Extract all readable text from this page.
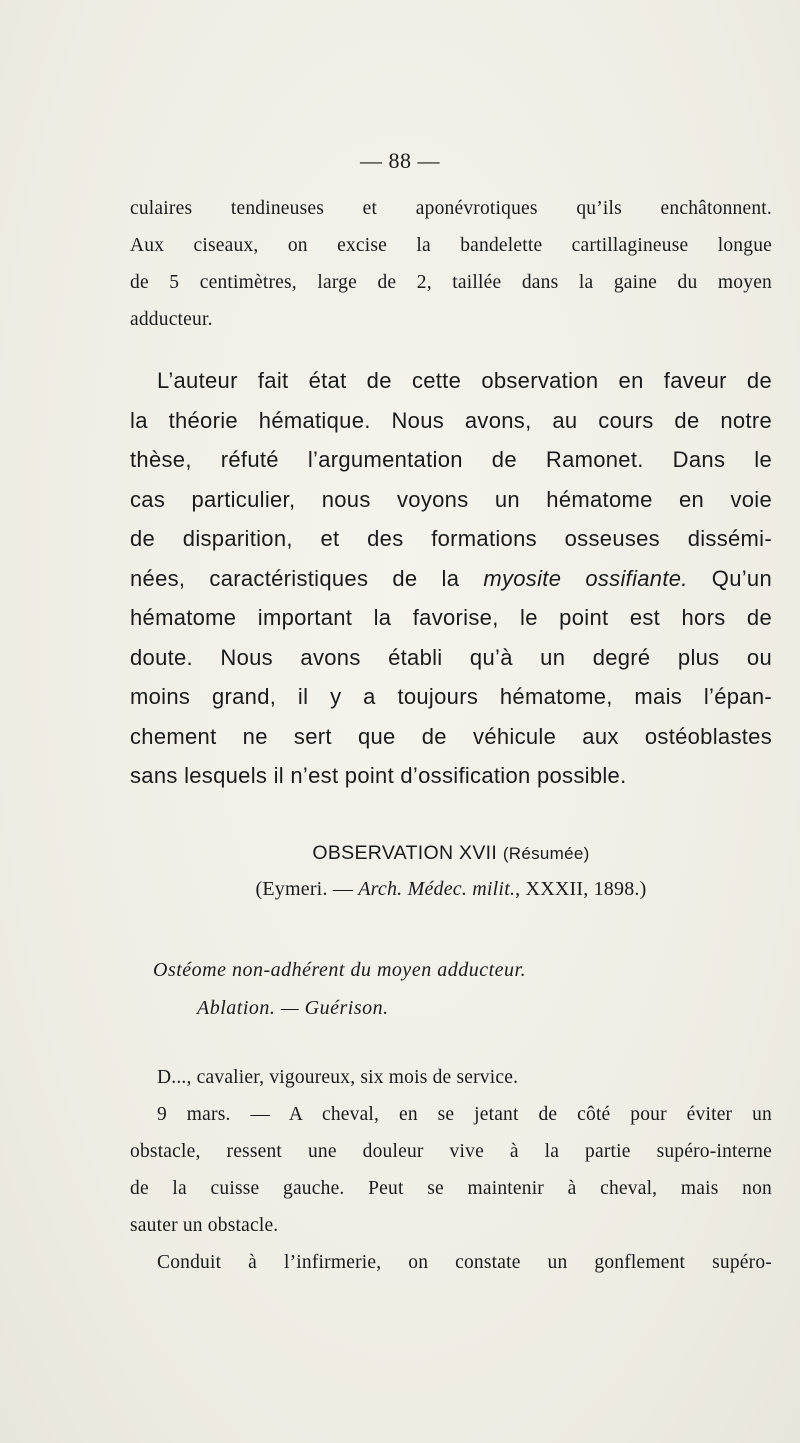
— 88 —
culaires tendineuses et aponévrotiques qu’ils enchâtonnent.
Aux ciseaux, on excise la bandelette cartillagineuse longue
de 5 centimètres, large de 2, taillée dans la gaine du moyen
adducteur.
L’auteur fait état de cette observation en faveur de
la théorie hématique. Nous avons, au cours de notre
thèse, réfuté l’argumentation de Ramonet. Dans le
cas particulier, nous voyons un hématome en voie
de disparition, et des formations osseuses dissémi-
nées, caractéristiques de la myosite ossifiante. Qu’un
hématome important la favorise, le point est hors de
doute. Nous avons établi qu’à un degré plus ou
moins grand, il y a toujours hématome, mais l’épan-
chement ne sert que de véhicule aux ostéoblastes
sans lesquels il n’est point d’ossification possible.
OBSERVATION XVII (Résumée)
(Eymeri. — Arch. Médec. milit., XXXII, 1898.)
Ostéome non-adhérent du moyen adducteur.
Ablation. — Guérison.
D..., cavalier, vigoureux, six mois de service.
9 mars. — A cheval, en se jetant de côté pour éviter un
obstacle, ressent une douleur vive à la partie supéro-interne
de la cuisse gauche. Peut se maintenir à cheval, mais non
sauter un obstacle.
Conduit à l’infirmerie, on constate un gonflement supéro-
